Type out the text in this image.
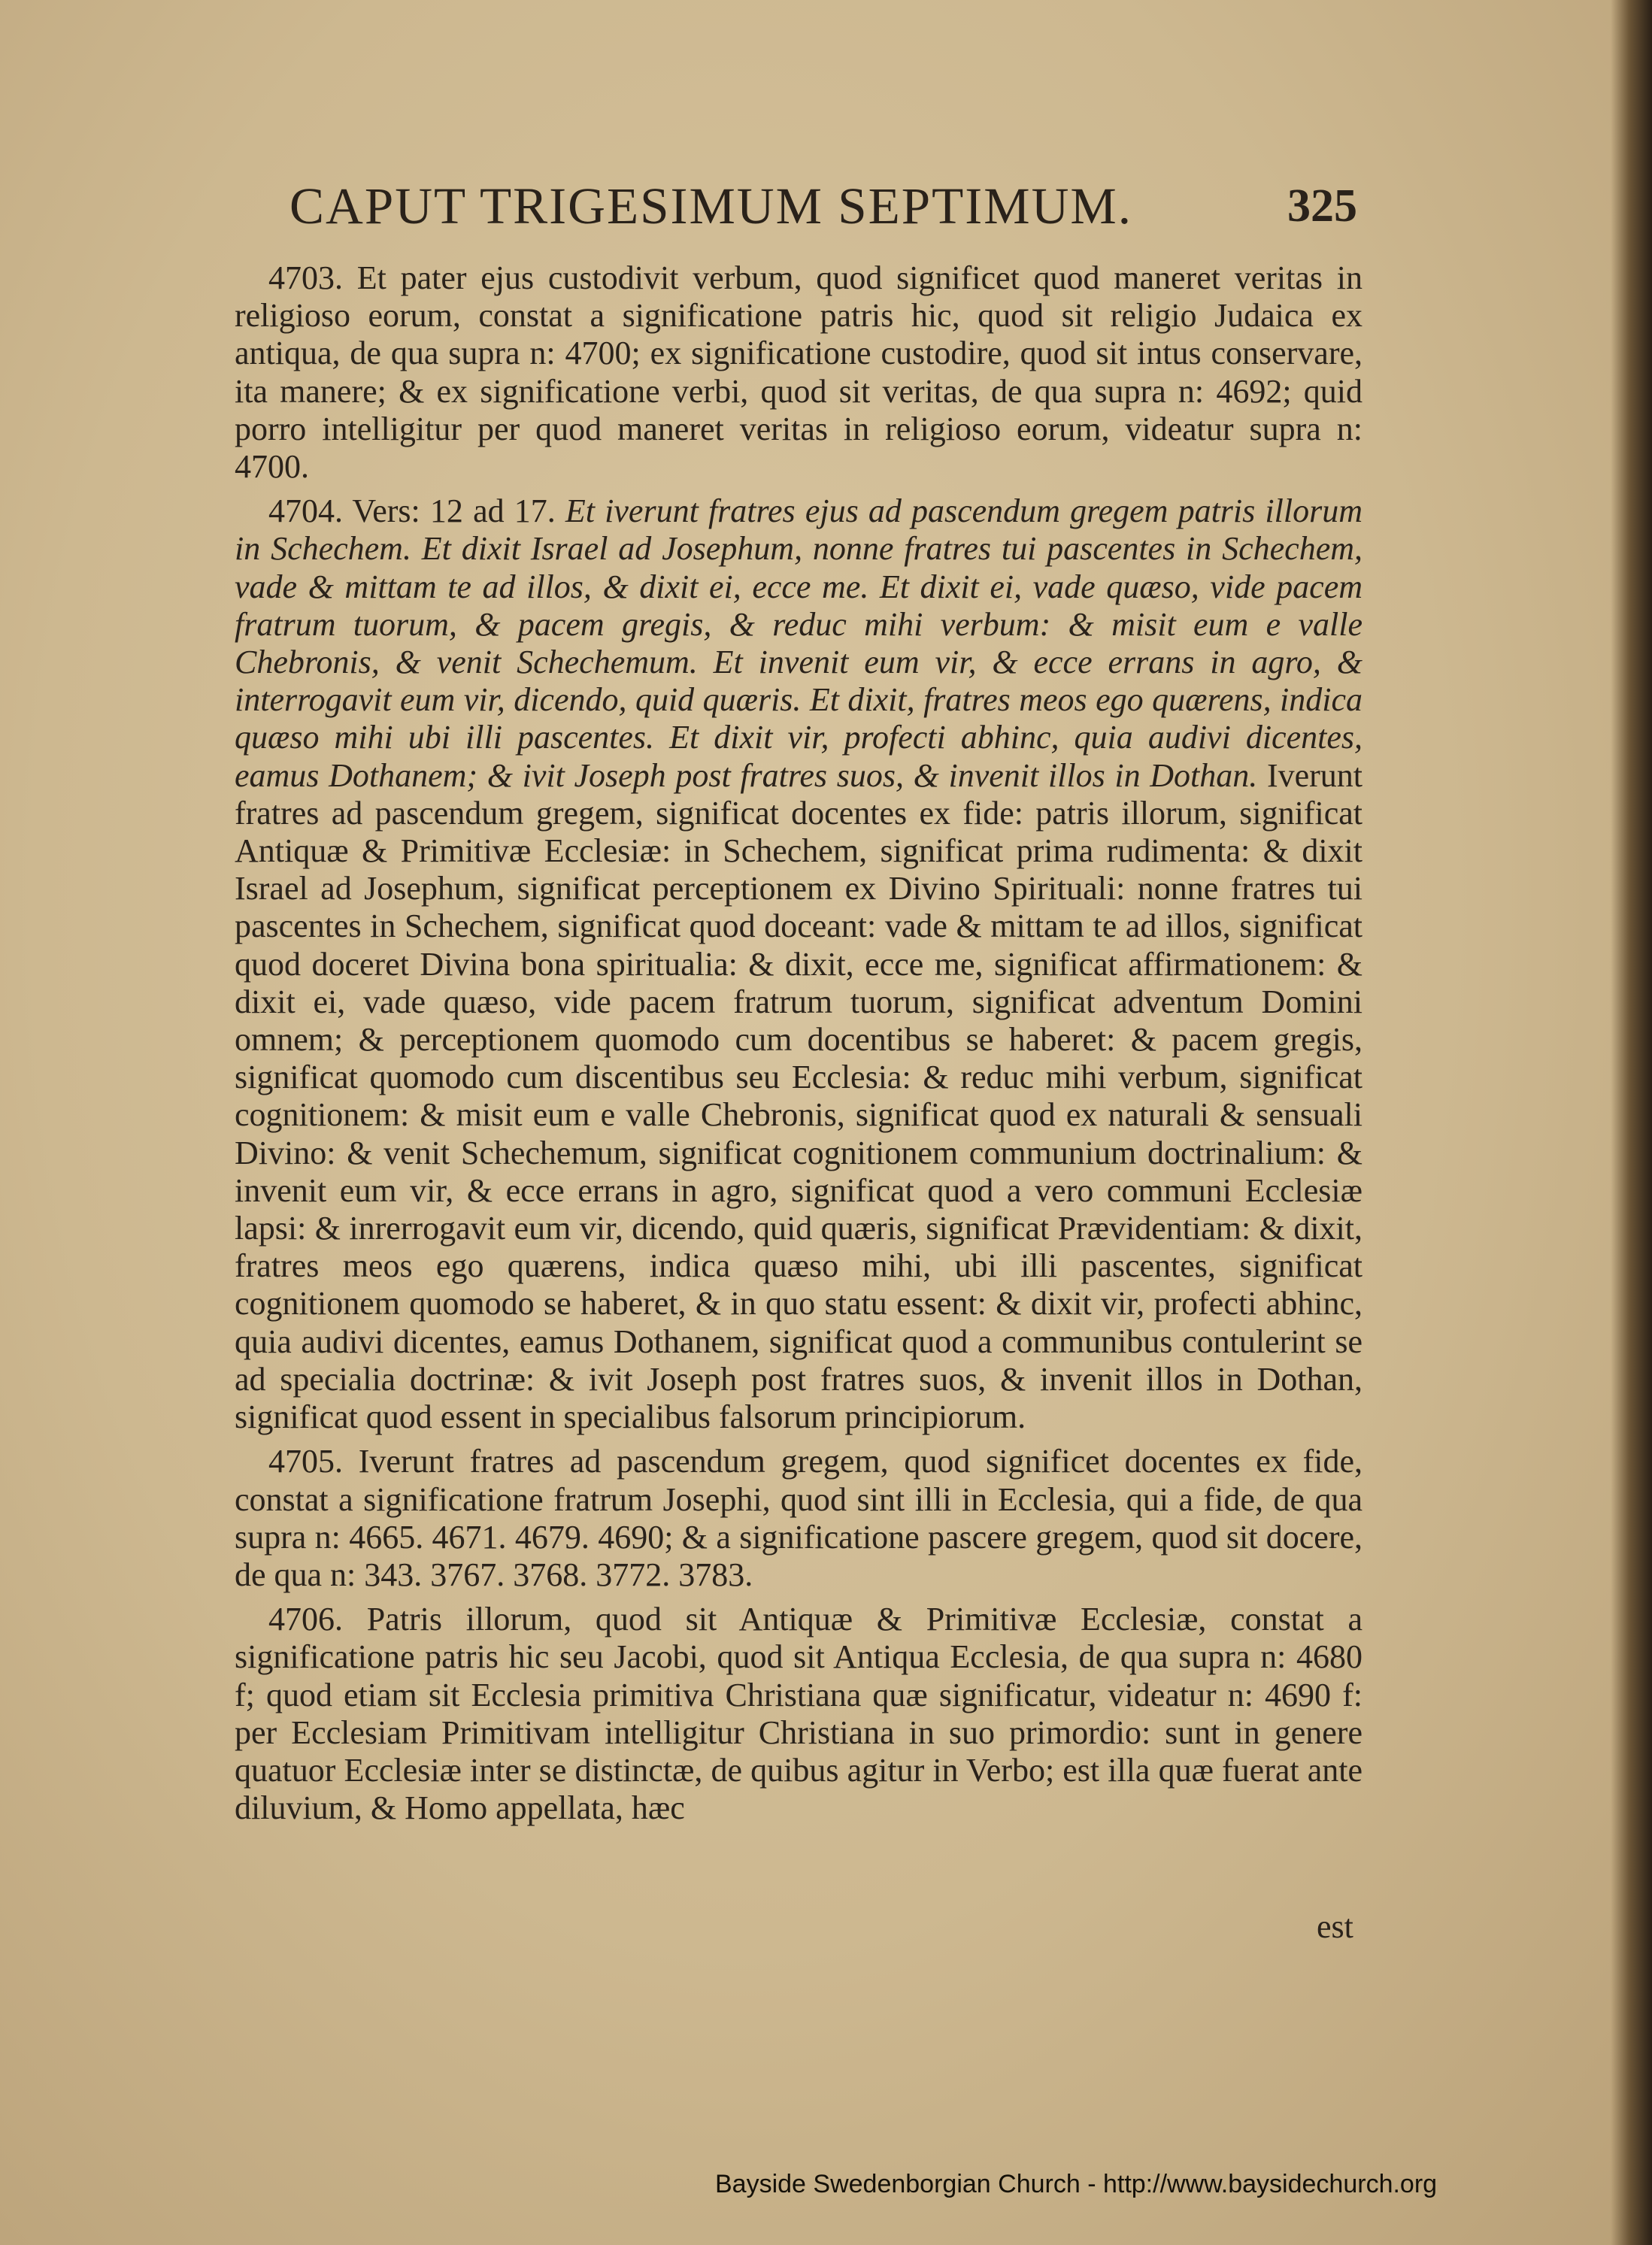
CAPUT TRIGESIMUM SEPTIMUM.	325

4703. Et pater ejus custodivit verbum, quod significet quod maneret veritas in religioso eorum, constat a significatione patris hic, quod sit religio Judaica ex antiqua, de qua supra n: 4700; ex significatione custodire, quod sit intus conservare, ita manere; & ex significatione verbi, quod sit veritas, de qua supra n: 4692; quid porro intelligitur per quod maneret veritas in religioso eorum, videatur supra n: 4700.

4704. Vers: 12 ad 17. Et iverunt fratres ejus ad pascendum gregem patris illorum in Schechem. Et dixit Israel ad Josephum, nonne fratres tui pascentes in Schechem, vade & mittam te ad illos, & dixit ei, ecce me. Et dixit ei, vade quæso, vide pacem fratrum tuorum, & pacem gregis, & reduc mihi verbum: & misit eum e valle Chebronis, & venit Schechemum. Et invenit eum vir, & ecce errans in agro, & interrogavit eum vir, dicendo, quid quæris. Et dixit, fratres meos ego quærens, indica quæso mihi ubi illi pascentes. Et dixit vir, profecti abhinc, quia audivi dicentes, eamus Dothanem; & ivit Joseph post fratres suos, & invenit illos in Dothan. Iverunt fratres ad pascendum gregem, significat docentes ex fide: patris illorum, significat Antiquæ & Primitivæ Ecclesiæ: in Schechem, significat prima rudimenta: & dixit Israel ad Josephum, significat perceptionem ex Divino Spirituali: nonne fratres tui pascentes in Schechem, significat quod doceant: vade & mittam te ad illos, significat quod doceret Divina bona spiritualia: & dixit, ecce me, significat affirmationem: & dixit ei, vade quæso, vide pacem fratrum tuorum, significat adventum Domini omnem; & perceptionem quomodo cum docentibus se haberet: & pacem gregis, significat quomodo cum discentibus seu Ecclesia: & reduc mihi verbum, significat cognitionem: & misit eum e valle Chebronis, significat quod ex naturali & sensuali Divino: & venit Schechemum, significat cognitionem communium doctrinalium: & invenit eum vir, & ecce errans in agro, significat quod a vero communi Ecclesiæ lapsi: & inrerrogavit eum vir, dicendo, quid quæris, significat Prævidentiam: & dixit, fratres meos ego quærens, indica quæso mihi, ubi illi pascentes, significat cognitionem quomodo se haberet, & in quo statu essent: & dixit vir, profecti abhinc, quia audivi dicentes, eamus Dothanem, significat quod a communibus contulerint se ad specialia doctrinæ: & ivit Joseph post fratres suos, & invenit illos in Dothan, significat quod essent in specialibus falsorum principiorum.

4705. Iverunt fratres ad pascendum gregem, quod significet docentes ex fide, constat a significatione fratrum Josephi, quod sint illi in Ecclesia, qui a fide, de qua supra n: 4665. 4671. 4679. 4690; & a significatione pascere gregem, quod sit docere, de qua n: 343. 3767. 3768. 3772. 3783.

4706. Patris illorum, quod sit Antiquæ & Primitivæ Ecclesiæ, constat a significatione patris hic seu Jacobi, quod sit Antiqua Ecclesia, de qua supra n: 4680 f; quod etiam sit Ecclesia primitiva Christiana quæ significatur, videatur n: 4690 f: per Ecclesiam Primitivam intelligitur Christiana in suo primordio: sunt in genere quatuor Ecclesiæ inter se distinctæ, de quibus agitur in Verbo; est illa quæ fuerat ante diluvium, & Homo appellata, hæc

est
Bayside Swedenborgian Church - http://www.baysidechurch.org
